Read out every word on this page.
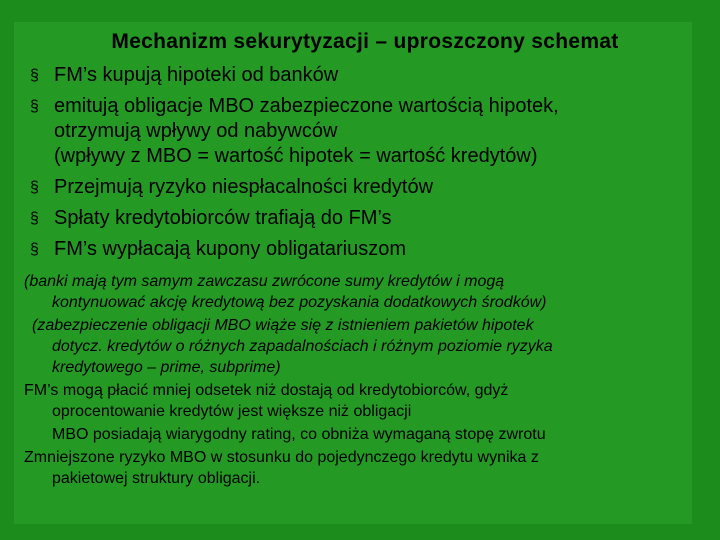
Mechanizm sekurytyzacji – uproszczony schemat
§ FM’s kupują hipoteki od banków
§ emitują obligacje MBO zabezpieczone wartością hipotek,
otrzymują wpływy od nabywców
(wpływy z MBO = wartość hipotek = wartość kredytów)
§ Przejmują ryzyko niespłacalności kredytów
§ Spłaty kredytobiorców trafiają do FM’s
§ FM’s wypłacają kupony obligatariuszom
(banki mają tym samym zawczasu zwrócone sumy kredytów i mogą
kontynuować akcję kredytową bez pozyskania dodatkowych środków)
(zabezpieczenie obligacji MBO wiąże się z istnieniem pakietów hipotek
dotycz. kredytów o różnych zapadalnościach i różnym poziomie ryzyka
kredytowego – prime, subprime)
FM’s mogą płacić mniej odsetek niż dostają od kredytobiorców, gdyż
oprocentowanie kredytów jest większe niż obligacji
MBO posiadają wiarygodny rating, co obniża wymaganą stopę zwrotu
Zmniejszone ryzyko MBO w stosunku do pojedynczego kredytu wynika z
pakietowej struktury obligacji.
